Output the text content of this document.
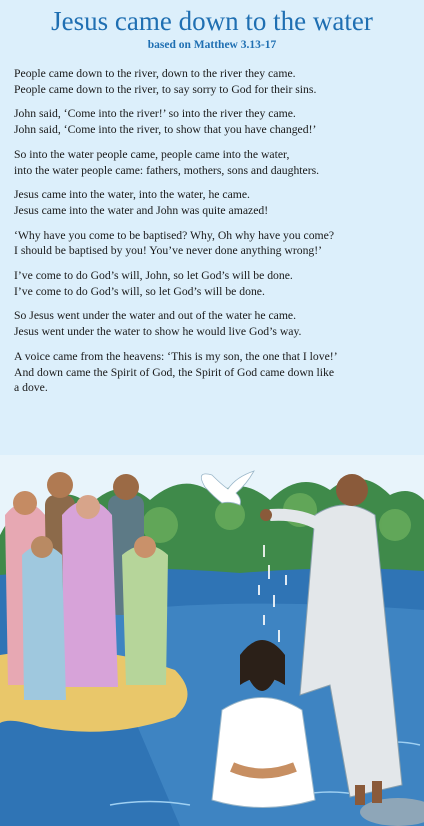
Jesus came down to the water
based on Matthew 3.13-17
People came down to the river, down to the river they came.
People came down to the river, to say sorry to God for their sins.
John said, ‘Come into the river!’ so into the river they came.
John said, ‘Come into the river, to show that you have changed!’
So into the water people came, people came into the water,
into the water people came: fathers, mothers, sons and daughters.
Jesus came into the water, into the water, he came.
Jesus came into the water and John was quite amazed!
‘Why have you come to be baptised? Why, Oh why have you come?
I should be baptised by you! You’ve never done anything wrong!’
I’ve come to do God’s will, John, so let God’s will be done.
I’ve come to do God’s will, so let God’s will be done.
So Jesus went under the water and out of the water he came.
Jesus went under the water to show he would live God’s way.
A voice came from the heavens: ‘This is my son, the one that I love!’
And down came the Spirit of God, the Spirit of God came down like
a dove.
